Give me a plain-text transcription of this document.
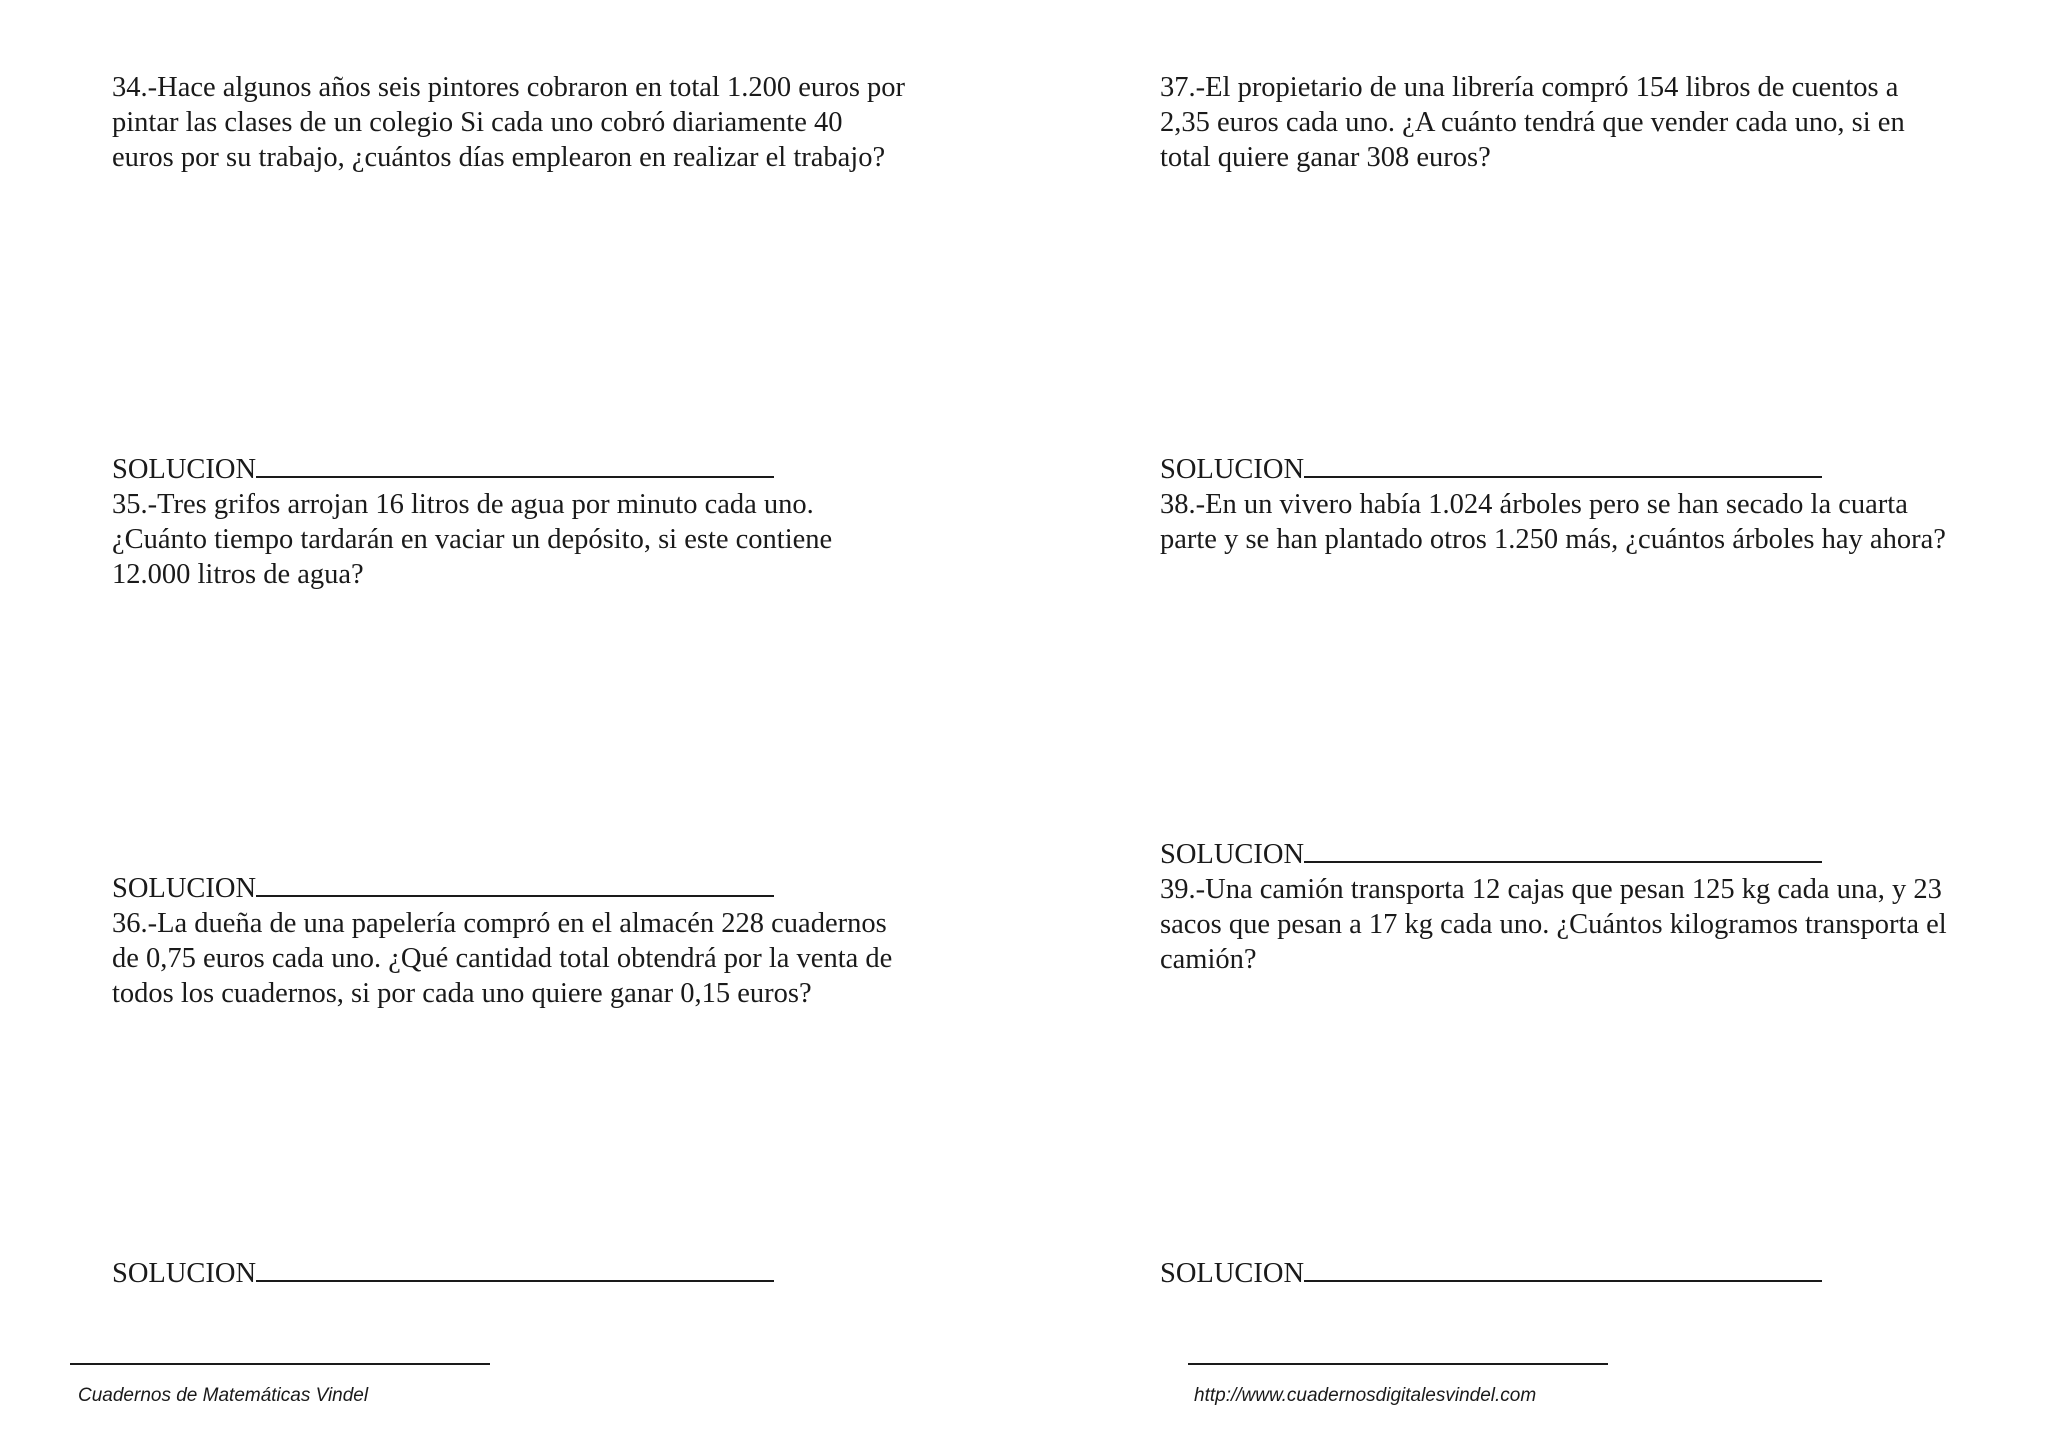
34.-Hace algunos años seis pintores cobraron en total 1.200 euros por
pintar las clases de un colegio Si cada uno cobró diariamente 40
euros por su trabajo, ¿cuántos días emplearon en realizar el trabajo?
SOLUCION
35.-Tres grifos arrojan 16 litros de agua por minuto cada uno.
¿Cuánto tiempo tardarán en vaciar un depósito, si este contiene
12.000 litros de agua?
SOLUCION
36.-La dueña de una papelería compró en el almacén 228 cuadernos
de 0,75 euros cada uno. ¿Qué cantidad total obtendrá por la venta de
todos los cuadernos, si por cada uno quiere ganar 0,15 euros?
SOLUCION
37.-El propietario de una librería compró 154 libros de cuentos a
2,35 euros cada uno. ¿A cuánto tendrá que vender cada uno, si en
total quiere ganar 308 euros?
SOLUCION
38.-En un vivero había 1.024 árboles pero se han secado la cuarta
parte y se han plantado otros 1.250 más, ¿cuántos árboles hay ahora?
SOLUCION
39.-Una camión transporta 12 cajas que pesan 125 kg cada una, y 23
sacos que pesan a 17 kg cada uno. ¿Cuántos kilogramos transporta el
camión?
SOLUCION
Cuadernos de Matemáticas Vindel	http://www.cuadernosdigitalesvindel.com
